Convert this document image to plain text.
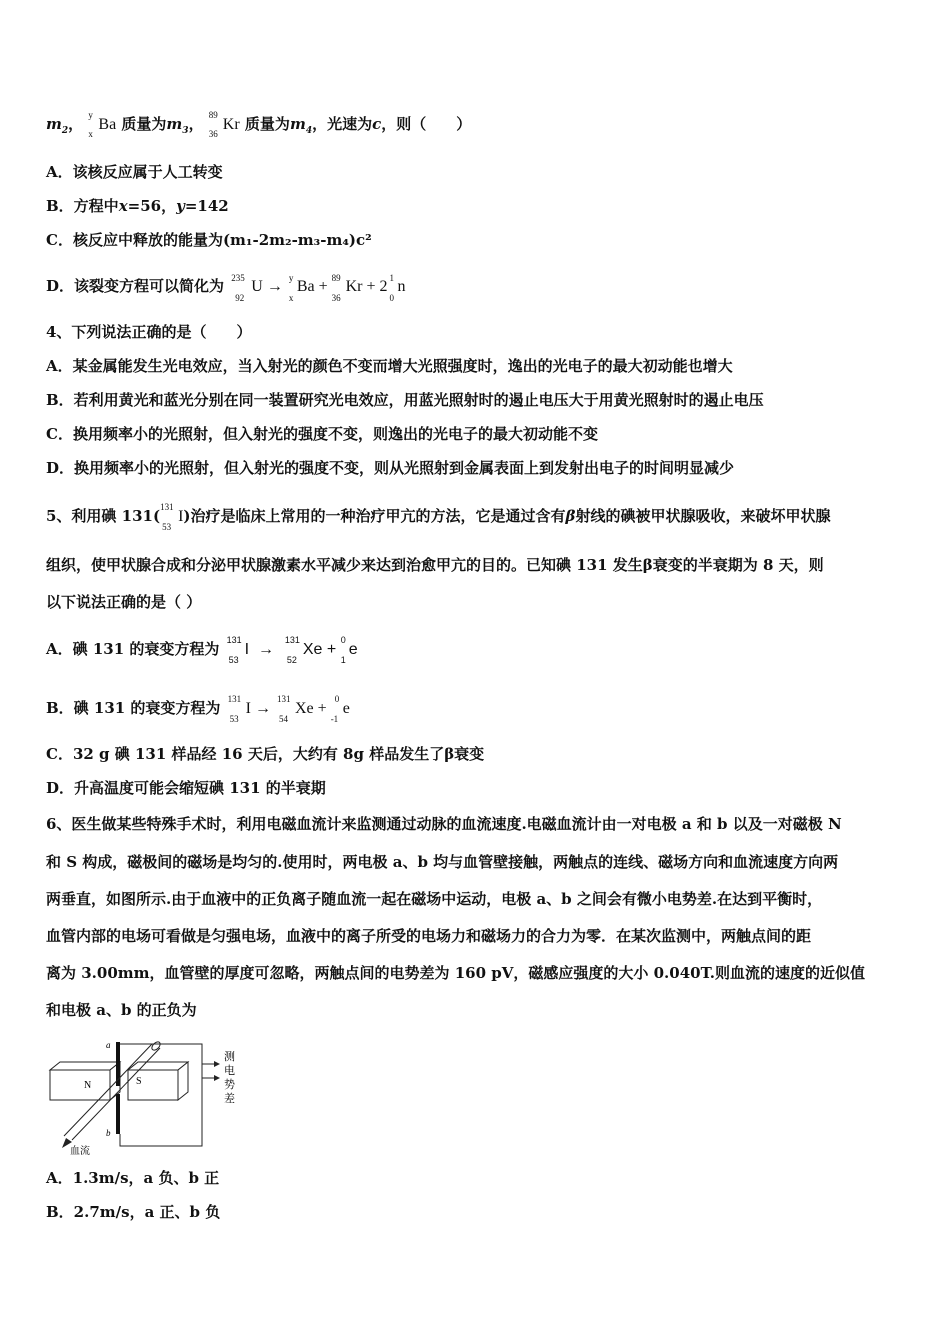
$m_2$， y
x
Ba 质量为$m_3$， 89
36
Kr 质量为$m_4$，光速为c，则（　　）
A．该核反应属于人工转变
B．方程中x=56，y=142
C．核反应中释放的能量为(m₁-2m₂-m₃-m₄)c²
D．该裂变方程可以简化为 235
92
U → y
x
Ba + 89
36
Kr + 2 1
0
n
4、下列说法正确的是（　　）
A．某金属能发生光电效应，当入射光的颜色不变而增大光照强度时，逸出的光电子的最大初动能也增大
B．若利用黄光和蓝光分别在同一装置研究光电效应，用蓝光照射时的遏止电压大于用黄光照射时的遏止电压
C．换用频率小的光照射，但入射光的强度不变，则逸出的光电子的最大初动能不变
D．换用频率小的光照射，但入射光的强度不变，则从光照射到金属表面上到发射出电子的时间明显减少
5、利用碘 131( 131
53
I)治疗是临床上常用的一种治疗甲亢的方法，它是通过含有β射线的碘被甲状腺吸收，来破坏甲状腺
组织，使甲状腺合成和分泌甲状腺激素水平减少来达到治愈甲亢的目的。已知碘 131 发生β衰变的半衰期为 8 天，则
以下说法正确的是（ ）
A．碘 131 的衰变方程为 131
53
I  →
131
52
Xe +
0
1
e
B．碘 131 的衰变方程为 131
53
I →
131
54
Xe +
0
-1
e
C．32 g 碘 131 样品经 16 天后，大约有 8g 样品发生了β衰变
D．升高温度可能会缩短碘 131 的半衰期
6、医生做某些特殊手术时，利用电磁血流计来监测通过动脉的血流速度.电磁血流计由一对电极 a 和 b 以及一对磁极 N
和 S 构成，磁极间的磁场是均匀的.使用时，两电极 a、b 均与血管壁接触，两触点的连线、磁场方向和血流速度方向两
两垂直，如图所示.由于血液中的正负离子随血流一起在磁场中运动，电极 a、b 之间会有微小电势差.在达到平衡时，
血管内部的电场可看做是匀强电场，血液中的离子所受的电场力和磁场力的合力为零．在某次监测中，两触点间的距
离为 3.00mm，血管壁的厚度可忽略，两触点间的电势差为 160 pV，磁感应强度的大小 0.040T.则血流的速度的近似值
和电极 a、b 的正负为
N	S
a
b
测 电 势 差
血流
A．1.3m/s，a 负、b 正
B．2.7m/s，a 正、b 负
